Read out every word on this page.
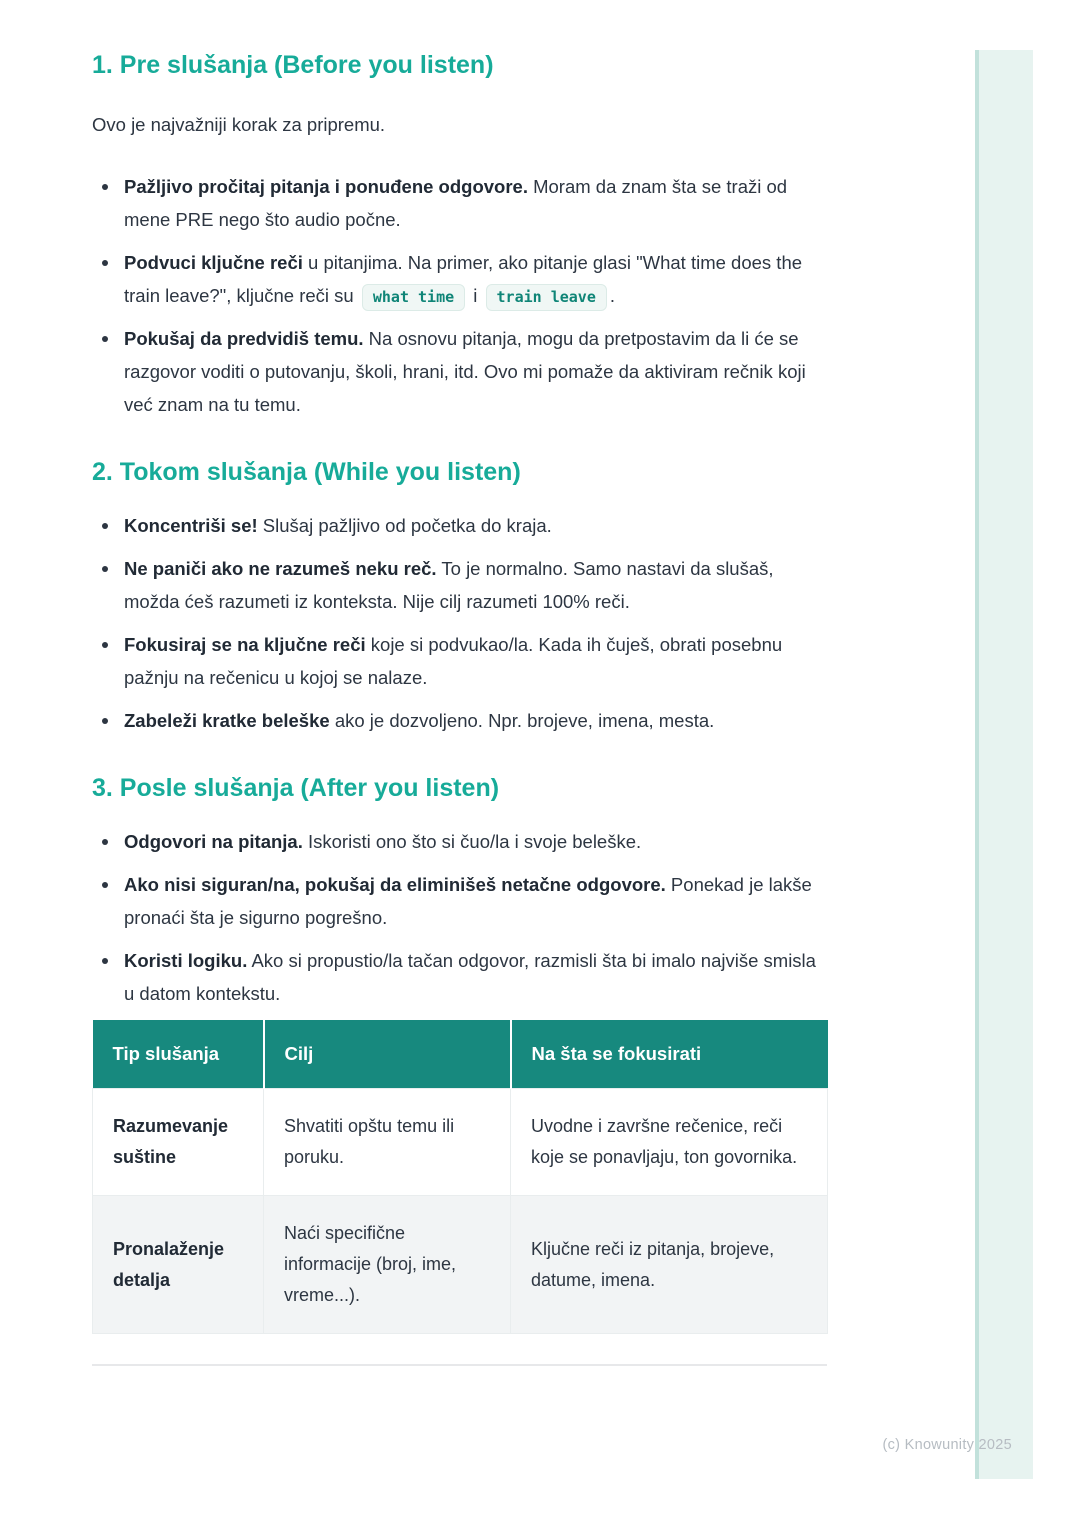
1. Pre slušanja (Before you listen)

Ovo je najvažniji korak za pripremu.

Pažljivo pročitaj pitanja i ponuđene odgovore. Moram da znam šta se traži od mene PRE nego što audio počne.
Podvuci ključne reči u pitanjima. Na primer, ako pitanje glasi "What time does the train leave?", ključne reči su what time i train leave .
Pokušaj da predvidiš temu. Na osnovu pitanja, mogu da pretpostavim da li će se razgovor voditi o putovanju, školi, hrani, itd. Ovo mi pomaže da aktiviram rečnik koji već znam na tu temu.
2. Tokom slušanja (While you listen)
Koncentriši se! Slušaj pažljivo od početka do kraja.
Ne paniči ako ne razumeš neku reč. To je normalno. Samo nastavi da slušaš, možda ćeš razumeti iz konteksta. Nije cilj razumeti 100% reči.
Fokusiraj se na ključne reči koje si podvukao/la. Kada ih čuješ, obrati posebnu pažnju na rečenicu u kojoj se nalaze.
Zabeleži kratke beleške ako je dozvoljeno. Npr. brojeve, imena, mesta.
3. Posle slušanja (After you listen)
Odgovori na pitanja. Iskoristi ono što si čuo/la i svoje beleške.
Ako nisi siguran/na, pokušaj da eliminišeš netačne odgovore. Ponekad je lakše pronaći šta je sigurno pogrešno.
Koristi logiku. Ako si propustio/la tačan odgovor, razmisli šta bi imalo najviše smisla u datom kontekstu.
Tip slušanja	Cilj	Na šta se fokusirati
Razumevanje suštine	Shvatiti opštu temu ili poruku.	Uvodne i završne rečenice, reči koje se ponavljaju, ton govornika.
Pronalaženje detalja	Naći specifične informacije (broj, ime, vreme...).	Ključne reči iz pitanja, brojeve, datume, imena.
(c) Knowunity 2025
